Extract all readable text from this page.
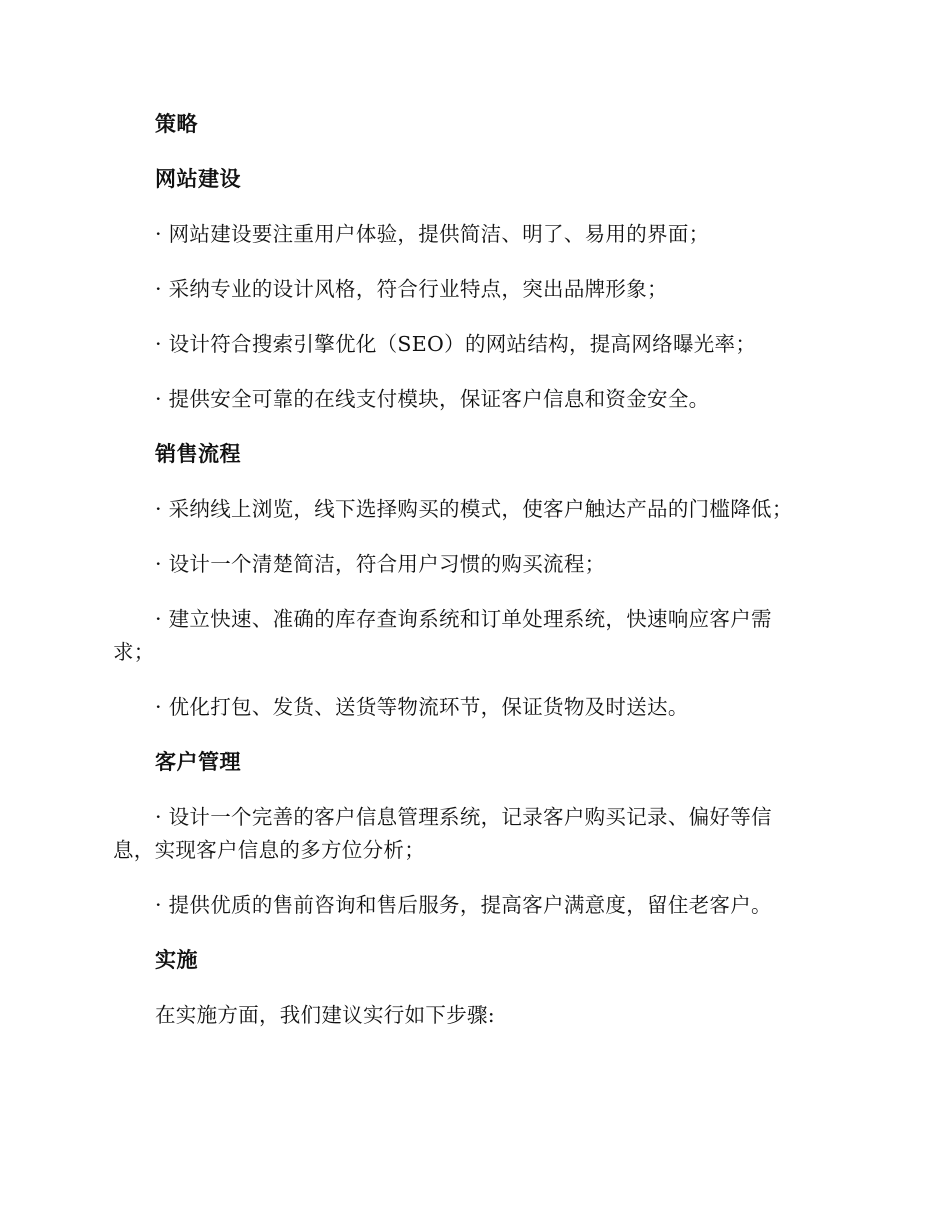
策略
网站建设

· 网站建设要注重用户体验，提供简洁、明了、易用的界面；

· 采纳专业的设计风格，符合行业特点，突出品牌形象；

· 设计符合搜索引擎优化（SEO）的网站结构，提高网络曝光率；

· 提供安全可靠的在线支付模块，保证客户信息和资金安全。

销售流程

· 采纳线上浏览，线下选择购买的模式，使客户触达产品的门槛降低；

· 设计一个清楚简洁，符合用户习惯的购买流程；

· 建立快速、准确的库存查询系统和订单处理系统，快速响应客户需求；

· 优化打包、发货、送货等物流环节，保证货物及时送达。

客户管理

· 设计一个完善的客户信息管理系统，记录客户购买记录、偏好等信息，实现客户信息的多方位分析；

· 提供优质的售前咨询和售后服务，提高客户满意度，留住老客户。

实施

在实施方面，我们建议实行如下步骤:
